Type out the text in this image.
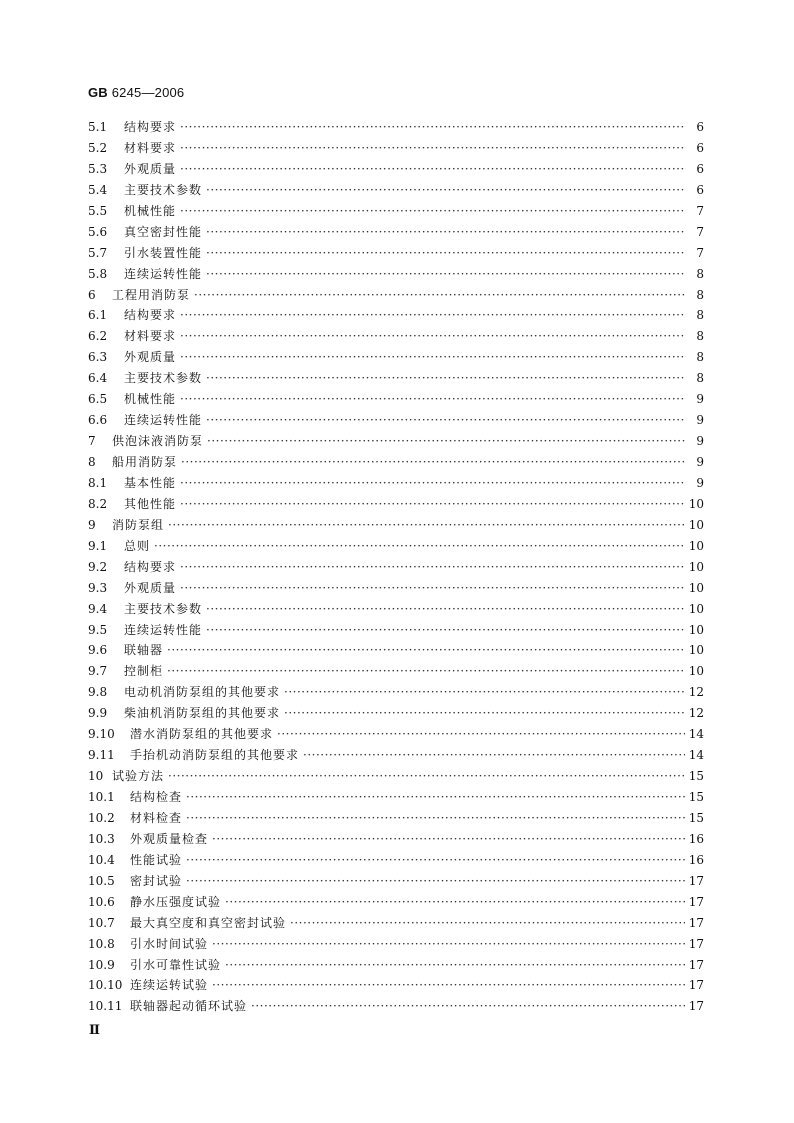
GB 6245—2006
5.1	结构要求 ·····	6
5.2	材料要求 ·····	6
5.3	外观质量 ·····	6
5.4	主要技术参数 ·····	6
5.5	机械性能 ·····	7
5.6	真空密封性能 ·····	7
5.7	引水装置性能 ·····	7
5.8	连续运转性能 ·····	8
6	工程用消防泵 ·····	8
6.1	结构要求 ·····	8
6.2	材料要求 ·····	8
6.3	外观质量 ·····	8
6.4	主要技术参数 ·····	8
6.5	机械性能 ·····	9
6.6	连续运转性能 ·····	9
7	供泡沫液消防泵 ·····	9
8	船用消防泵 ·····	9
8.1	基本性能 ·····	9
8.2	其他性能 ·····	10
9	消防泵组 ·····	10
9.1	总则 ·····	10
9.2	结构要求 ·····	10
9.3	外观质量 ·····	10
9.4	主要技术参数 ·····	10
9.5	连续运转性能 ·····	10
9.6	联轴器 ·····	10
9.7	控制柜 ·····	10
9.8	电动机消防泵组的其他要求 ·····	12
9.9	柴油机消防泵组的其他要求 ·····	12
9.10	潜水消防泵组的其他要求 ·····	14
9.11	手抬机动消防泵组的其他要求 ·····	14
10 试验方法 ·····	15
10.1	结构检查 ·····	15
10.2	材料检查 ·····	15
10.3	外观质量检查 ·····	16
10.4	性能试验 ·····	16
10.5	密封试验 ·····	17
10.6	静水压强度试验 ·····	17
10.7	最大真空度和真空密封试验 ·····	17
10.8	引水时间试验 ·····	17
10.9	引水可靠性试验 ·····	17
10.10 连续运转试验 ·····	17
10.11 联轴器起动循环试验 ·····	17
Ⅱ
